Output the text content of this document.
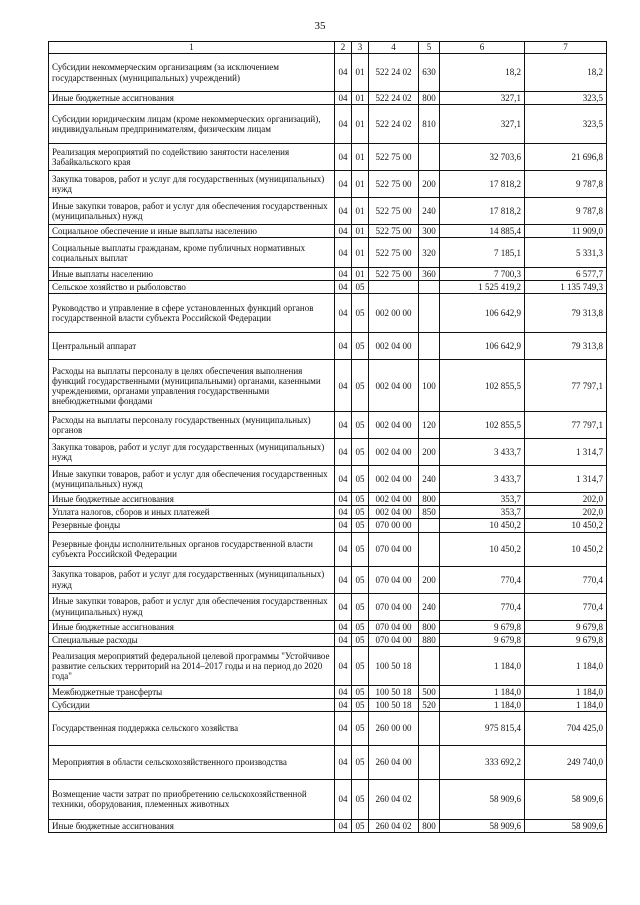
35
1	2	3	4	5	6	7
Субсидии некоммерческим организациям (за исключением государственных (муниципальных) учреждений)	04	01	522 24 02	630	18,2	18,2
Иные бюджетные ассигнования	04	01	522 24 02	800	327,1	323,5
Субсидии юридическим лицам (кроме некоммерческих организаций), индивидуальным предпринимателям, физическим лицам	04	01	522 24 02	810	327,1	323,5
Реализация мероприятий по содействию занятости населения Забайкальского края	04	01	522 75 00		32 703,6	21 696,8
Закупка товаров, работ и услуг для государственных (муниципальных) нужд	04	01	522 75 00	200	17 818,2	9 787,8
Иные закупки товаров, работ и услуг для обеспечения государственных (муниципальных) нужд	04	01	522 75 00	240	17 818,2	9 787,8
Социальное обеспечение и иные выплаты населению	04	01	522 75 00	300	14 885,4	11 909,0
Социальные выплаты гражданам, кроме публичных нормативных социальных выплат	04	01	522 75 00	320	7 185,1	5 331,3
Иные выплаты населению	04	01	522 75 00	360	7 700,3	6 577,7
Сельское хозяйство и рыболовство	04	05			1 525 419,2	1 135 749,3
Руководство и управление в сфере установленных функций органов государственной власти субъекта Российской Федерации	04	05	002 00 00		106 642,9	79 313,8
Центральный аппарат	04	05	002 04 00		106 642,9	79 313,8
Расходы на выплаты персоналу в целях обеспечения выполнения функций государственными (муниципальными) органами, казенными учреждениями, органами управления государственными внебюджетными фондами	04	05	002 04 00	100	102 855,5	77 797,1
Расходы на выплаты персоналу государственных (муниципальных) органов	04	05	002 04 00	120	102 855,5	77 797,1
Закупка товаров, работ и услуг для государственных (муниципальных) нужд	04	05	002 04 00	200	3 433,7	1 314,7
Иные закупки товаров, работ и услуг для обеспечения государственных (муниципальных) нужд	04	05	002 04 00	240	3 433,7	1 314,7
Иные бюджетные ассигнования	04	05	002 04 00	800	353,7	202,0
Уплата налогов, сборов и иных платежей	04	05	002 04 00	850	353,7	202,0
Резервные фонды	04	05	070 00 00		10 450,2	10 450,2
Резервные фонды исполнительных органов государственной власти субъекта Российской Федерации	04	05	070 04 00		10 450,2	10 450,2
Закупка товаров, работ и услуг для государственных (муниципальных) нужд	04	05	070 04 00	200	770,4	770,4
Иные закупки товаров, работ и услуг для обеспечения государственных (муниципальных) нужд	04	05	070 04 00	240	770,4	770,4
Иные бюджетные ассигнования	04	05	070 04 00	800	9 679,8	9 679,8
Специальные расходы	04	05	070 04 00	880	9 679,8	9 679,8
Реализация мероприятий федеральной целевой программы "Устойчивое развитие сельских территорий на 2014–2017 годы и на период до 2020 года"	04	05	100 50 18		1 184,0	1 184,0
Межбюджетные трансферты	04	05	100 50 18	500	1 184,0	1 184,0
Субсидии	04	05	100 50 18	520	1 184,0	1 184,0
Государственная поддержка сельского хозяйства	04	05	260 00 00		975 815,4	704 425,0
Мероприятия в области сельскохозяйственного производства	04	05	260 04 00		333 692,2	249 740,0
Возмещение части затрат по приобретению сельскохозяйственной техники, оборудования, племенных животных	04	05	260 04 02		58 909,6	58 909,6
Иные бюджетные ассигнования	04	05	260 04 02	800	58 909,6	58 909,6
